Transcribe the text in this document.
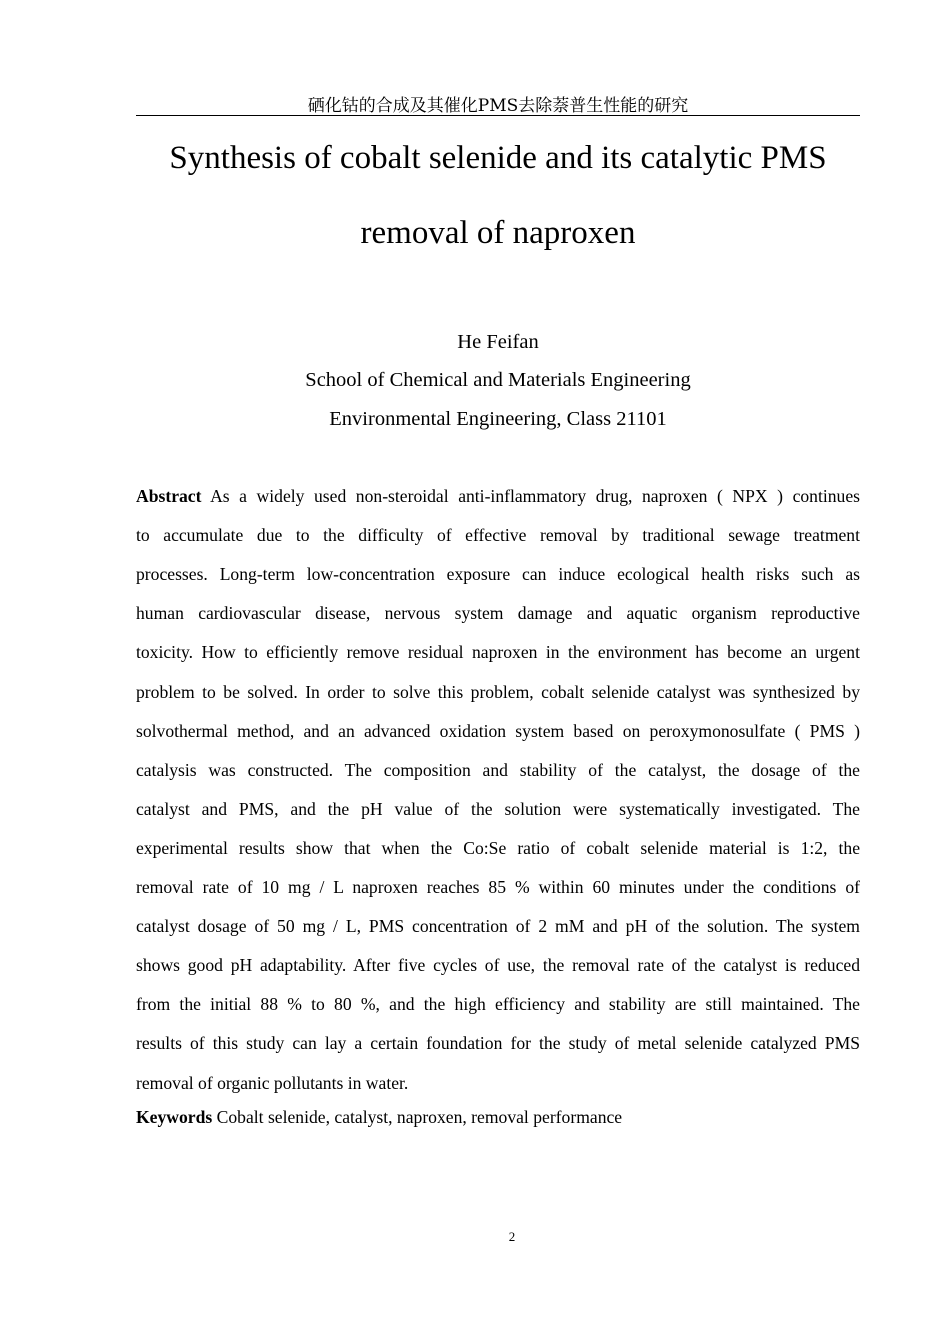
硒化钴的合成及其催化PMS去除萘普生性能的研究
Synthesis of cobalt selenide and its catalytic PMS
removal of naproxen
He Feifan
School of Chemical and Materials Engineering
Environmental Engineering, Class 21101
Abstract As a widely used non-steroidal anti-inflammatory drug, naproxen ( NPX ) continues
to accumulate due to the difficulty of effective removal by traditional sewage treatment
processes. Long-term low-concentration exposure can induce ecological health risks such as
human cardiovascular disease, nervous system damage and aquatic organism reproductive
toxicity. How to efficiently remove residual naproxen in the environment has become an urgent
problem to be solved. In order to solve this problem, cobalt selenide catalyst was synthesized by
solvothermal method, and an advanced oxidation system based on peroxymonosulfate ( PMS )
catalysis was constructed. The composition and stability of the catalyst, the dosage of the
catalyst and PMS, and the pH value of the solution were systematically investigated. The
experimental results show that when the Co:Se ratio of cobalt selenide material is 1:2, the
removal rate of 10 mg / L naproxen reaches 85 % within 60 minutes under the conditions of
catalyst dosage of 50 mg / L, PMS concentration of 2 mM and pH of the solution. The system
shows good pH adaptability. After five cycles of use, the removal rate of the catalyst is reduced
from the initial 88 % to 80 %, and the high efficiency and stability are still maintained. The
results of this study can lay a certain foundation for the study of metal selenide catalyzed PMS
removal of organic pollutants in water.
Keywords Cobalt selenide, catalyst, naproxen, removal performance
2
